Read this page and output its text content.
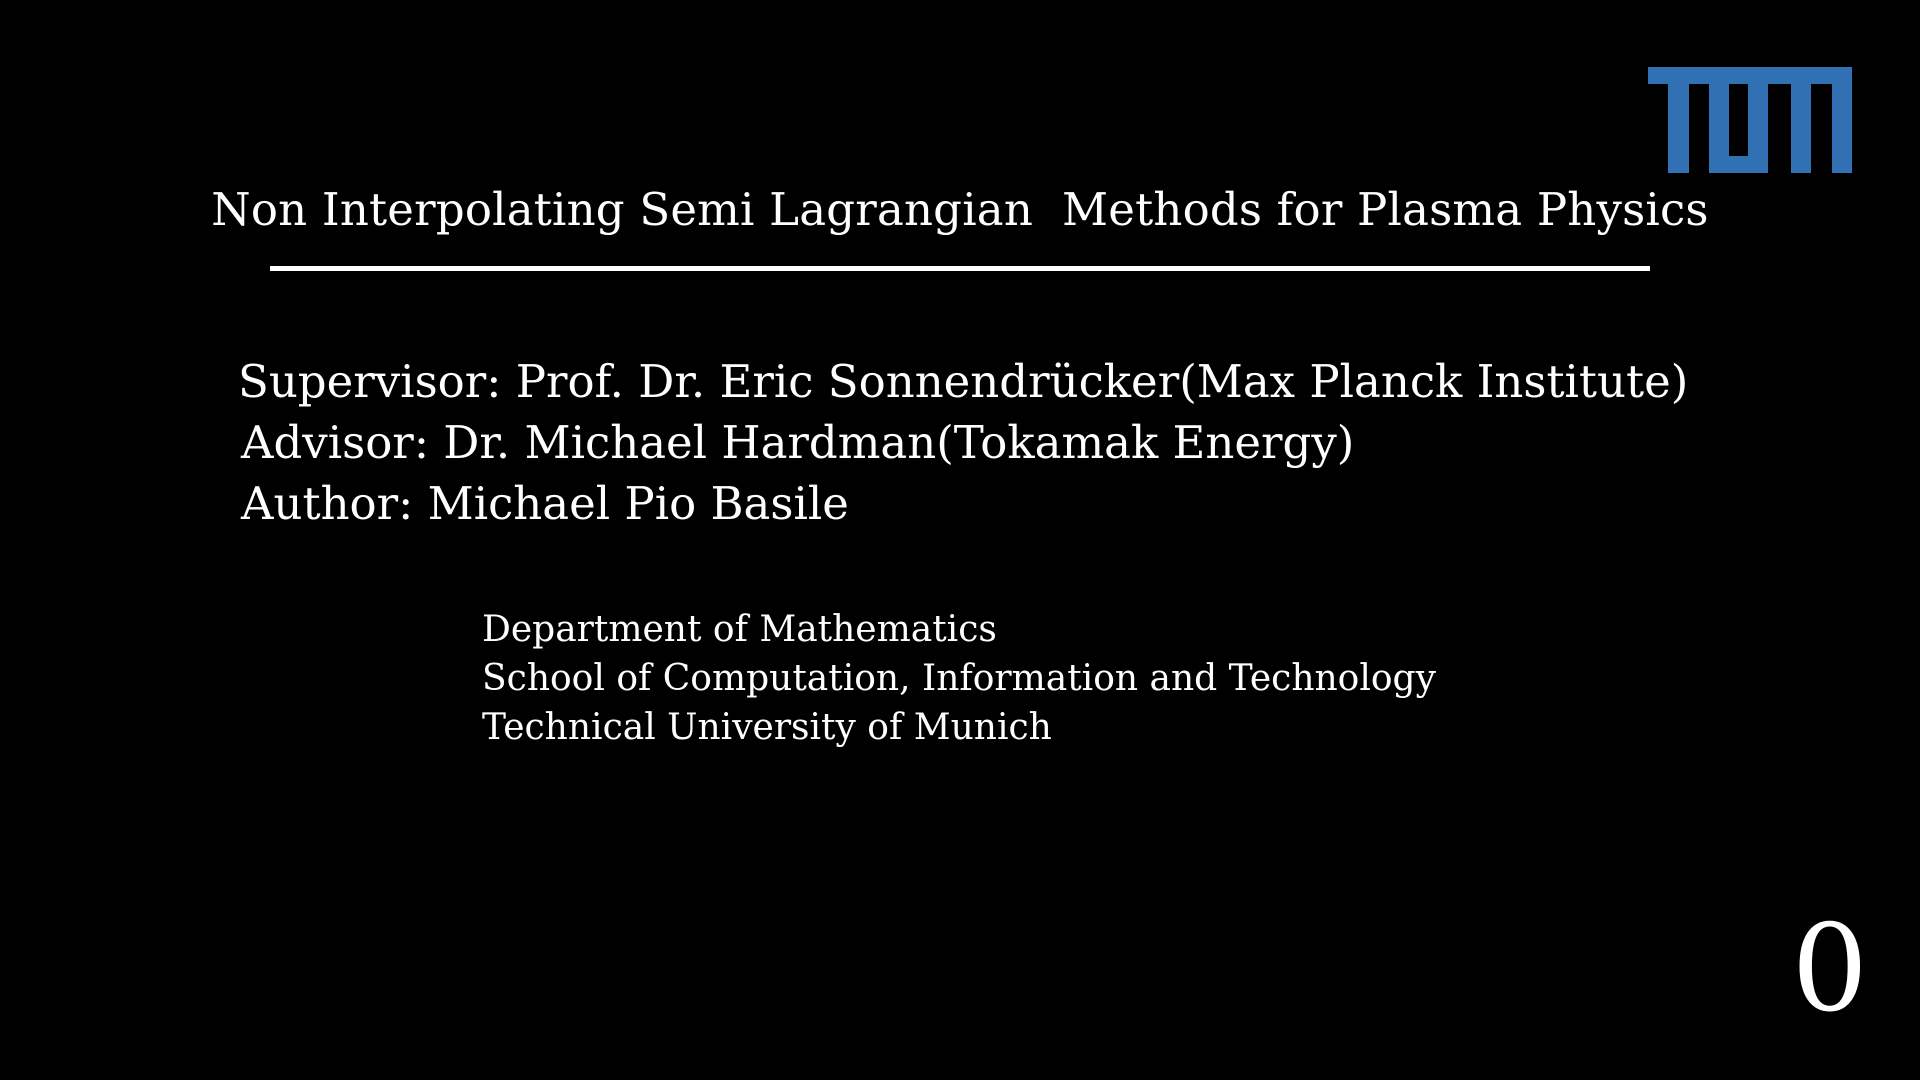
Non Interpolating Semi Lagrangian  Methods for Plasma Physics
Supervisor: Prof. Dr. Eric Sonnendrücker(Max Planck Institute)
Advisor: Dr. Michael Hardman(Tokamak Energy)
Author: Michael Pio Basile
Department of Mathematics
School of Computation, Information and Technology
Technical University of Munich
0
